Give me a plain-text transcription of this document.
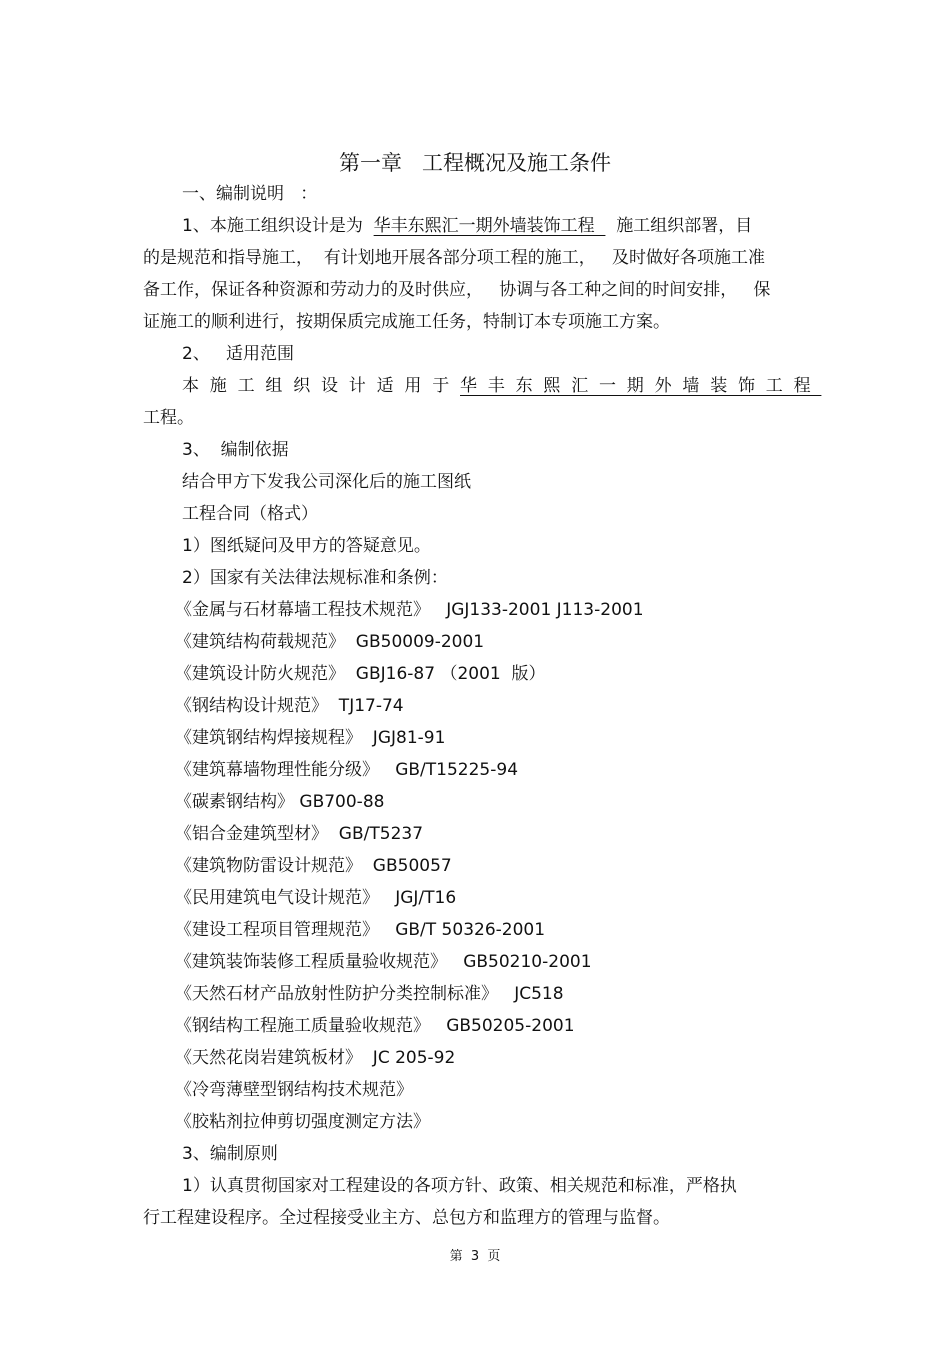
第一章   工程概况及施工条件
一、编制说明   ：
1、本施工组织设计是为  华丰东熙汇一期外墙装饰工程    施工组织部署，目
的是规范和指导施工，  有计划地开展各部分项工程的施工，   及时做好各项施工准
备工作，保证各种资源和劳动力的及时供应，   协调与各工种之间的时间安排，   保
证施工的顺利进行，按期保质完成施工任务，特制订本专项施工方案。
2、   适用范围
本施工组织设计适用于华丰东熙汇一期外墙装饰工程
工程。
3、  编制依据
结合甲方下发我公司深化后的施工图纸
工程合同（格式）
1）图纸疑问及甲方的答疑意见。
2）国家有关法律法规标准和条例：
《金属与石材幕墙工程技术规范》   JGJ133-2001 J113-2001
《建筑结构荷载规范》  GB50009-2001
《建筑设计防火规范》  GBJ16-87 （2001  版）
《钢结构设计规范》  TJ17-74
《建筑钢结构焊接规程》  JGJ81-91
《建筑幕墙物理性能分级》   GB/T15225-94
《碳素钢结构》 GB700-88
《铝合金建筑型材》  GB/T5237
《建筑物防雷设计规范》  GB50057
《民用建筑电气设计规范》   JGJ/T16
《建设工程项目管理规范》   GB/T 50326-2001
《建筑装饰装修工程质量验收规范》   GB50210-2001
《天然石材产品放射性防护分类控制标准》   JC518
《钢结构工程施工质量验收规范》   GB50205-2001
《天然花岗岩建筑板材》  JC 205-92
《冷弯薄壁型钢结构技术规范》
《胶粘剂拉伸剪切强度测定方法》
3、编制原则
1）认真贯彻国家对工程建设的各项方针、政策、相关规范和标准，严格执
行工程建设程序。全过程接受业主方、总包方和监理方的管理与监督。
第  3  页
